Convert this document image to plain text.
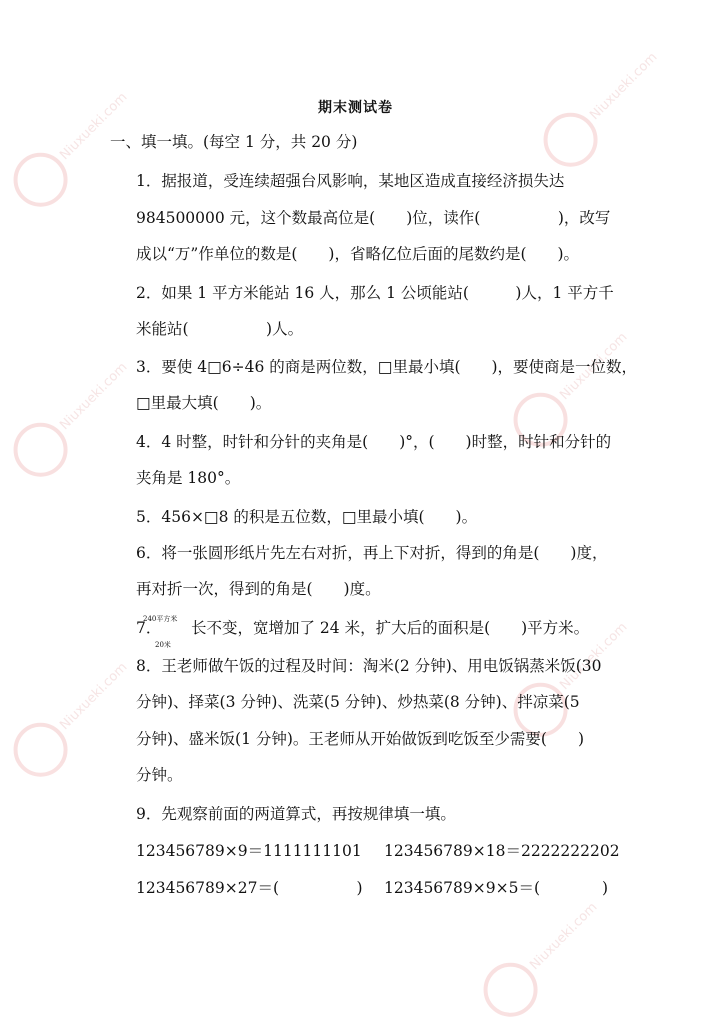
Niuxueki.com
Niuxueki.com
Niuxueki.com	Niuxueki.com
Niuxueki.com
Niuxueki.com
Niuxueki.com
期末测试卷
一、填一填。(每空 1 分，共 20 分)
1．据报道，受连续超强台风影响，某地区造成直接经济损失达
984500000 元，这个数最高位是(　　)位，读作(　　　　　)，改写
成以“万”作单位的数是(　　)，省略亿位后面的尾数约是(　　)。
2．如果 1 平方米能站 16 人，那么 1 公顷能站(　　　)人，1 平方千
米能站(　　　　　)人。
3．要使 4□6÷46 的商是两位数，□里最小填(　　)，要使商是一位数，
□里最大填(　　)。
4．4 时整，时针和分针的夹角是(　　)°，(　　)时整，时针和分针的
夹角是 180°。
5．456×□8 的积是五位数，□里最小填(　　)。
6．将一张圆形纸片先左右对折，再上下对折，得到的角是(　　)度，
再对折一次，得到的角是(　　)度。
7．
240平方米
20米
长不变，宽增加了 24 米，扩大后的面积是(　　)平方米。
8．王老师做午饭的过程及时间：淘米(2 分钟)、用电饭锅蒸米饭(30
分钟)、择菜(3 分钟)、洗菜(5 分钟)、炒热菜(8 分钟)、拌凉菜(5
分钟)、盛米饭(1 分钟)。王老师从开始做饭到吃饭至少需要(　　)
分钟。
9．先观察前面的两道算式，再按规律填一填。
123456789×9＝1111111101 123456789×18＝2222222202
123456789×27＝(　　　　　) 123456789×9×5＝(　　　　)
